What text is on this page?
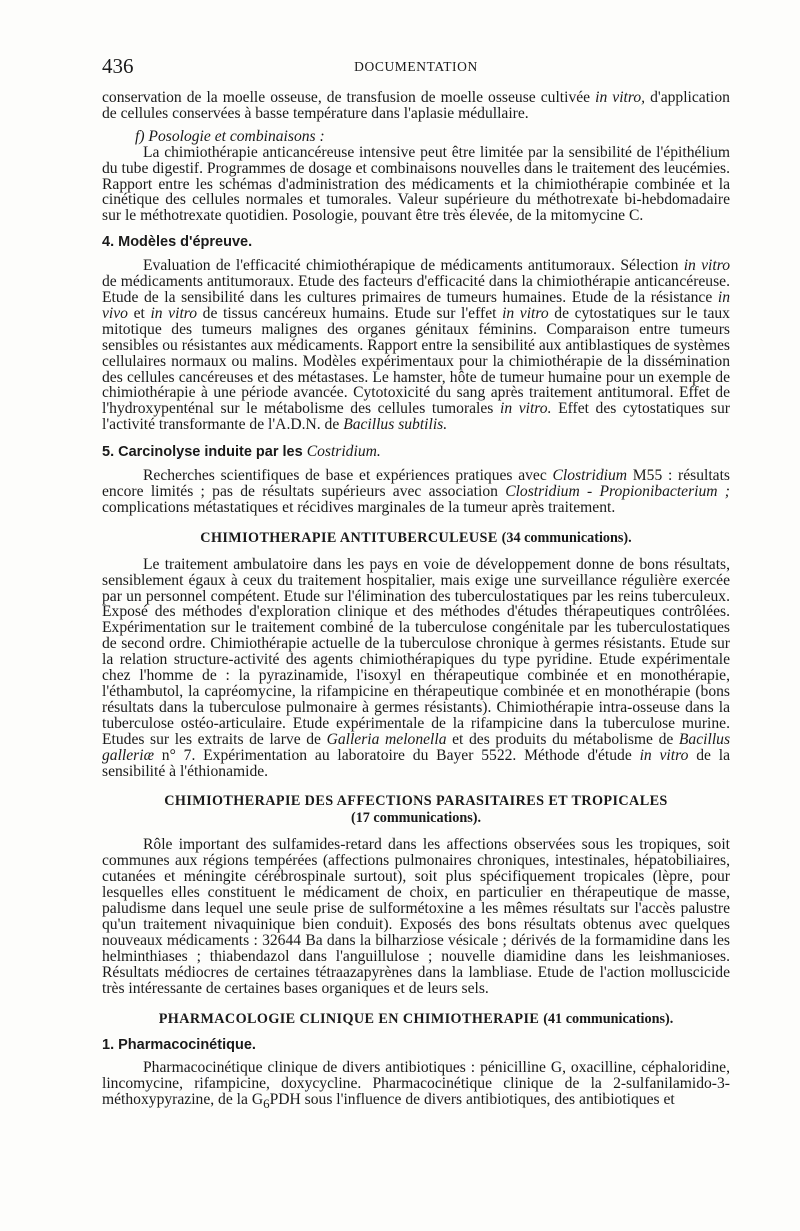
436	DOCUMENTATION

conservation de la moelle osseuse, de transfusion de moelle osseuse cultivée in vitro, d'application de cellules conservées à basse température dans l'aplasie médullaire.

f) Posologie et combinaisons :

La chimiothérapie anticancéreuse intensive peut être limitée par la sensibilité de l'épithélium du tube digestif. Programmes de dosage et combinaisons nouvelles dans le traitement des leucémies. Rapport entre les schémas d'administration des médicaments et la chimiothérapie combinée et la cinétique des cellules normales et tumorales. Valeur supérieure du méthotrexate bi-hebdomadaire sur le méthotrexate quotidien. Posologie, pouvant être très élevée, de la mitomycine C.

4. Modèles d'épreuve.

Evaluation de l'efficacité chimiothérapique de médicaments antitumoraux. Sélection in vitro de médicaments antitumoraux. Etude des facteurs d'efficacité dans la chimiothérapie anticancéreuse. Etude de la sensibilité dans les cultures primaires de tumeurs humaines. Etude de la résistance in vivo et in vitro de tissus cancéreux humains. Etude sur l'effet in vitro de cytostatiques sur le taux mitotique des tumeurs malignes des organes génitaux féminins. Comparaison entre tumeurs sensibles ou résistantes aux médicaments. Rapport entre la sensibilité aux antiblastiques de systèmes cellulaires normaux ou malins. Modèles expérimentaux pour la chimiothérapie de la dissémination des cellules cancéreuses et des métastases. Le hamster, hôte de tumeur humaine pour un exemple de chimiothérapie à une période avancée. Cytotoxicité du sang après traitement antitumoral. Effet de l'hydroxypenténal sur le métabolisme des cellules tumorales in vitro. Effet des cytostatiques sur l'activité transformante de l'A.D.N. de Bacillus subtilis.

5. Carcinolyse induite par les Costridium.

Recherches scientifiques de base et expériences pratiques avec Clostridium M55 : résultats encore limités ; pas de résultats supérieurs avec association Clostridium - Propionibacterium ; complications métastatiques et récidives marginales de la tumeur après traitement.

CHIMIOTHERAPIE ANTITUBERCULEUSE (34 communications).

Le traitement ambulatoire dans les pays en voie de développement donne de bons résultats, sensiblement égaux à ceux du traitement hospitalier, mais exige une surveillance régulière exercée par un personnel compétent. Etude sur l'élimination des tuberculostatiques par les reins tuberculeux. Exposé des méthodes d'exploration clinique et des méthodes d'études thérapeutiques contrôlées. Expérimentation sur le traitement combiné de la tuberculose congénitale par les tuberculostatiques de second ordre. Chimiothérapie actuelle de la tuberculose chronique à germes résistants. Etude sur la relation structure-activité des agents chimiothérapiques du type pyridine. Etude expérimentale chez l'homme de : la pyrazinamide, l'isoxyl en thérapeutique combinée et en monothérapie, l'éthambutol, la capréomycine, la rifampicine en thérapeutique combinée et en monothérapie (bons résultats dans la tuberculose pulmonaire à germes résistants). Chimiothérapie intra-osseuse dans la tuberculose ostéo-articulaire. Etude expérimentale de la rifampicine dans la tuberculose murine. Etudes sur les extraits de larve de Galleria melonella et des produits du métabolisme de Bacillus galleriæ n° 7. Expérimentation au laboratoire du Bayer 5522. Méthode d'étude in vitro de la sensibilité à l'éthionamide.

CHIMIOTHERAPIE DES AFFECTIONS PARASITAIRES ET TROPICALES
(17 communications).

Rôle important des sulfamides-retard dans les affections observées sous les tropiques, soit communes aux régions tempérées (affections pulmonaires chroniques, intestinales, hépatobiliaires, cutanées et méningite cérébrospinale surtout), soit plus spécifiquement tropicales (lèpre, pour lesquelles elles constituent le médicament de choix, en particulier en thérapeutique de masse, paludisme dans lequel une seule prise de sulformétoxine a les mêmes résultats sur l'accès palustre qu'un traitement nivaquinique bien conduit). Exposés des bons résultats obtenus avec quelques nouveaux médicaments : 32644 Ba dans la bilharziose vésicale ; dérivés de la formamidine dans les helminthiases ; thiabendazol dans l'anguillulose ; nouvelle diamidine dans les leishmanioses. Résultats médiocres de certaines tétraazapyrènes dans la lambliase. Etude de l'action molluscicide très intéressante de certaines bases organiques et de leurs sels.

PHARMACOLOGIE CLINIQUE EN CHIMIOTHERAPIE (41 communications).

1. Pharmacocinétique.

Pharmacocinétique clinique de divers antibiotiques : pénicilline G, oxacilline, céphaloridine, lincomycine, rifampicine, doxycycline. Pharmacocinétique clinique de la 2-sulfanilamido-3-méthoxypyrazine, de la $G_6PDH$ sous l'influence de divers antibiotiques, des antibiotiques et
